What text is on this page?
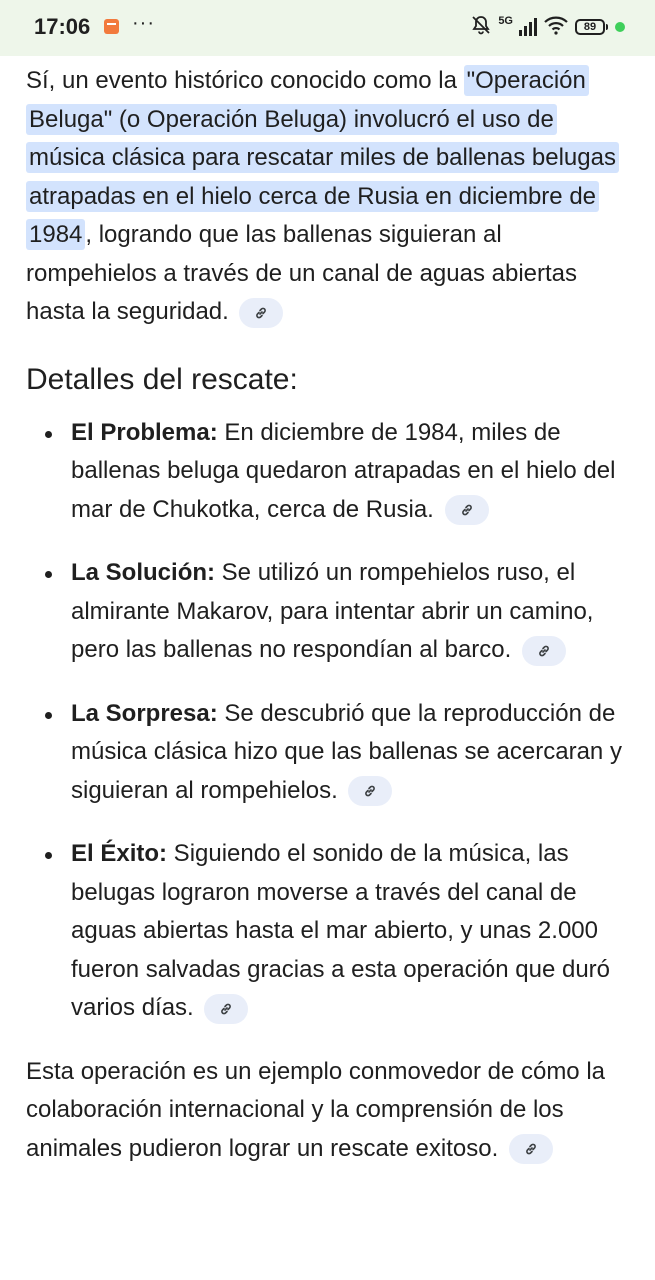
17:06 ···	5G	89

Sí, un evento histórico conocido como la "Operación Beluga" (o Operación Beluga) involucró el uso de música clásica para rescatar miles de ballenas belugas atrapadas en el hielo cerca de Rusia en diciembre de 1984 , logrando que las ballenas siguieran al rompehielos a través de un canal de aguas abiertas hasta la seguridad.

Detalles del rescate:
El Problema: En diciembre de 1984, miles de ballenas beluga quedaron atrapadas en el hielo del mar de Chukotka, cerca de Rusia.
La Solución: Se utilizó un rompehielos ruso, el almirante Makarov, para intentar abrir un camino, pero las ballenas no respondían al barco.
La Sorpresa: Se descubrió que la reproducción de música clásica hizo que las ballenas se acercaran y siguieran al rompehielos.
El Éxito: Siguiendo el sonido de la música, las belugas lograron moverse a través del canal de aguas abiertas hasta el mar abierto, y unas 2.000 fueron salvadas gracias a esta operación que duró varios días.

Esta operación es un ejemplo conmovedor de cómo la colaboración internacional y la comprensión de los animales pudieron lograr un rescate exitoso.
